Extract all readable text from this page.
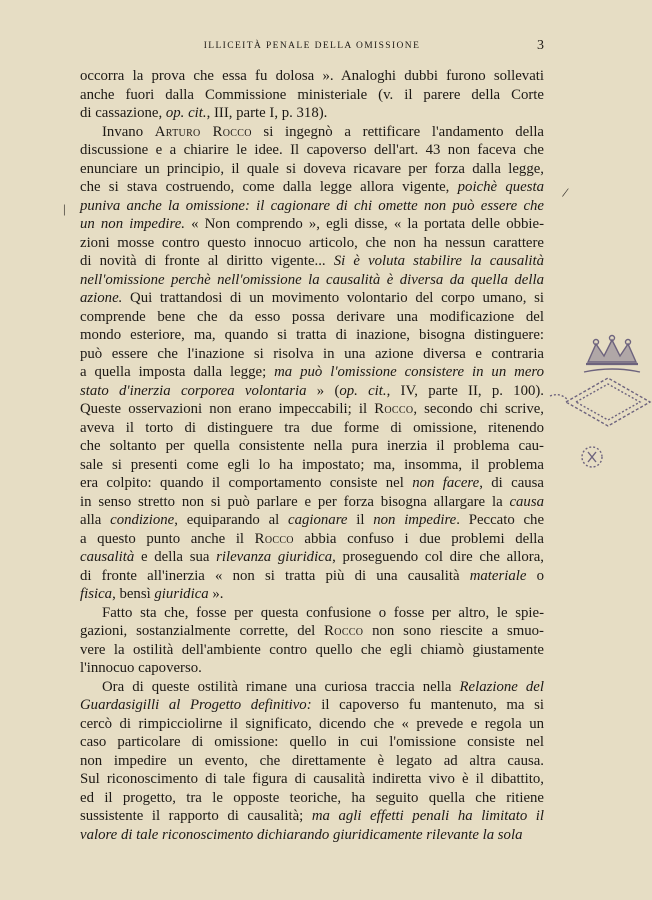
ILLICEITÀ PENALE DELLA OMISSIONE	3
/
|
occorra la prova che essa fu dolosa ». Analoghi dubbi furono sollevati
anche fuori dalla Commissione ministeriale (v. il parere della Corte
di cassazione, op. cit., III, parte I, p. 318).
Invano Arturo Rocco si ingegnò a rettificare l'andamento della
discussione e a chiarire le idee. Il capoverso dell'art. 43 non faceva che
enunciare un principio, il quale si doveva ricavare per forza dalla legge,
che si stava costruendo, come dalla legge allora vigente, poichè questa
puniva anche la omissione: il cagionare di chi omette non può essere che
un non impedire. « Non comprendo », egli disse, « la portata delle obbie-
zioni mosse contro questo innocuo articolo, che non ha nessun carattere
di novità di fronte al diritto vigente... Si è voluta stabilire la causalità
nell'omissione perchè nell'omissione la causalità è diversa da quella della
azione. Qui trattandosi di un movimento volontario del corpo umano, si
comprende bene che da esso possa derivare una modificazione del
mondo esteriore, ma, quando si tratta di inazione, bisogna distinguere:
può essere che l'inazione si risolva in una azione diversa e contraria
a quella imposta dalla legge; ma può l'omissione consistere in un mero
stato d'inerzia corporea volontaria » (op. cit., IV, parte II, p. 100).
Queste osservazioni non erano impeccabili; il Rocco, secondo chi scrive,
aveva il torto di distinguere tra due forme di omissione, ritenendo
che soltanto per quella consistente nella pura inerzia il problema cau-
sale si presenti come egli lo ha impostato; ma, insomma, il problema
era colpito: quando il comportamento consiste nel non facere, di causa
in senso stretto non si può parlare e per forza bisogna allargare la causa
alla condizione, equiparando al cagionare il non impedire. Peccato che
a questo punto anche il Rocco abbia confuso i due problemi della
causalità e della sua rilevanza giuridica, proseguendo col dire che allora,
di fronte all'inerzia « non si tratta più di una causalità materiale o
fisica, bensì giuridica ».
Fatto sta che, fosse per questa confusione o fosse per altro, le spie-
gazioni, sostanzialmente corrette, del Rocco non sono riescite a smuo-
vere la ostilità dell'ambiente contro quello che egli chiamò giustamente
l'innocuo capoverso.
Ora di queste ostilità rimane una curiosa traccia nella Relazione del
Guardasigilli al Progetto definitivo: il capoverso fu mantenuto, ma si
cercò di rimpicciolirne il significato, dicendo che « prevede e regola un
caso particolare di omissione: quello in cui l'omissione consiste nel
non impedire un evento, che direttamente è legato ad altra causa.
Sul riconoscimento di tale figura di causalità indiretta vivo è il dibattito,
ed il progetto, tra le opposte teoriche, ha seguito quella che ritiene
sussistente il rapporto di causalità; ma agli effetti penali ha limitato il
valore di tale riconoscimento dichiarando giuridicamente rilevante la sola
